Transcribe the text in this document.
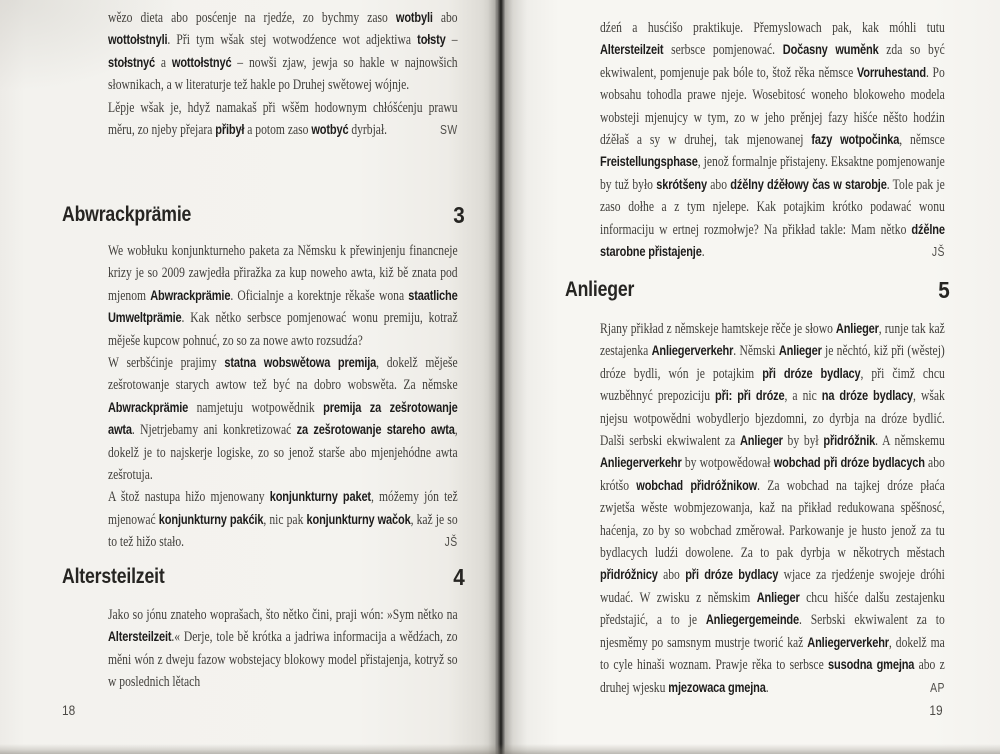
wězo dieta abo posćenje na rjedźe, zo bychmy zaso wotbyli abo wottołstnyli. Při tym wšak stej wotwodźence wot adjektiwa tołsty – stołstnyć a wottołstnyć – nowši zjaw, jewja so hakle w najnowšich słownikach, a w literaturje tež hakle po Druhej swětowej wójnje.

Lěpje wšak je, hdyž namakaš při wšěm hodownym chłóšćenju prawu měru, zo njeby přejara přibył a potom zaso wotbyć dyrbjał.	SW

Abwrackprämie	3

We wobłuku konjunkturneho paketa za Němsku k přewinjenju financneje krizy je so 2009 zawjedła přiražka za kup noweho awta, kiž bě znata pod mjenom Abwrackprämie. Oficialnje a korektnje rěkaše wona staatliche Umweltprämie. Kak nětko serbsce pomjenować wonu premiju, kotraž měješe kupcow pohnuć, zo so za nowe awto rozsudźa?

W serbšćinje prajimy statna wobswětowa premija, dokelž měješe zešrotowanje starych awtow tež być na dobro wobswěta. Za němske Abwrackprämie namjetuju wotpowědnik premija za zešrotowanje awta. Njetrjebamy ani konkretizować za zešrotowanje stareho awta, dokelž je to najskerje logiske, zo so jenož starše abo mjenjehódne awta zešrotuja.

A štož nastupa hižo mjenowany konjunkturny paket, móžemy jón tež mjenować konjunkturny pakćik, nic pak konjunkturny wačok, kaž je so to tež hižo stało.	JŠ

Altersteilzeit	4

Jako so jónu znateho woprašach, što nětko čini, praji wón: »Sym nětko na Altersteilzeit.« Derje, tole bě krótka a jadriwa informacija a wědźach, zo měni wón z dweju fazow wobstejacy blokowy model přistajenja, kotryž so w poslednich lětach

18

dźeń a husćišo praktikuje. Přemyslowach pak, kak móhli tutu Altersteilzeit serbsce pomjenować. Dočasny wuměnk zda so być ekwiwalent, pomjenuje pak bóle to, štož rěka němsce Vorruhestand. Po wobsahu tohodla prawe njeje. Wosebitosć woneho blokoweho modela wobsteji mjenujcy w tym, zo w jeho prěnjej fazy hišće něšto hodźin dźěłaš a sy w druhej, tak mjenowanej fazy wotpočinka, němsce Freistellungsphase, jenož formalnje přistajeny. Eksaktne pomjenowanje by tuž było skrótšeny abo dźělny dźěłowy čas w starobje. Tole pak je zaso dołhe a z tym njelepe. Kak potajkim krótko podawać wonu informaciju w ertnej rozmołwje? Na přikład takle: Mam nětko dźělne starobne přistajenje.	JŠ

Anlieger	5

Rjany přikład z němskeje hamtskeje rěče je słowo Anlieger, runje tak kaž zestajenka Anliegerverkehr. Němski Anlieger je něchtó, kiž při (wěstej) dróze bydli, wón je potajkim při dróze bydlacy, při čimž chcu wuzběhnyć prepoziciju při: při dróze, a nic na dróze bydlacy, wšak njejsu wotpowědni wobydlerjo bjezdomni, zo dyrbja na dróze bydlić. Dalši serbski ekwiwalent za Anlieger by był přidróžnik. A němskemu Anliegerverkehr by wotpowědował wobchad při dróze bydlacych abo krótšo wobchad přidróžnikow. Za wobchad na tajkej dróze płaća zwjetša wěste wobmjezowanja, kaž na přikład redukowana spěšnosć, haćenja, zo by so wobchad změrował. Parkowanje je husto jenož za tu bydlacych ludźi dowolene. Za to pak dyrbja w někotrych městach přidróžnicy abo při dróze bydlacy wjace za rjedźenje swojeje dróhi wudać. W zwisku z němskim Anlieger chcu hišće dalšu zestajenku předstajić, a to je Anliegergemeinde. Serbski ekwiwalent za to njesměmy po samsnym mustrje tworić kaž Anliegerverkehr, dokelž ma to cyle hinaši woznam. Prawje rěka to serbsce susodna gmejna abo z druhej wjesku mjezowaca gmejna.	AP

19
